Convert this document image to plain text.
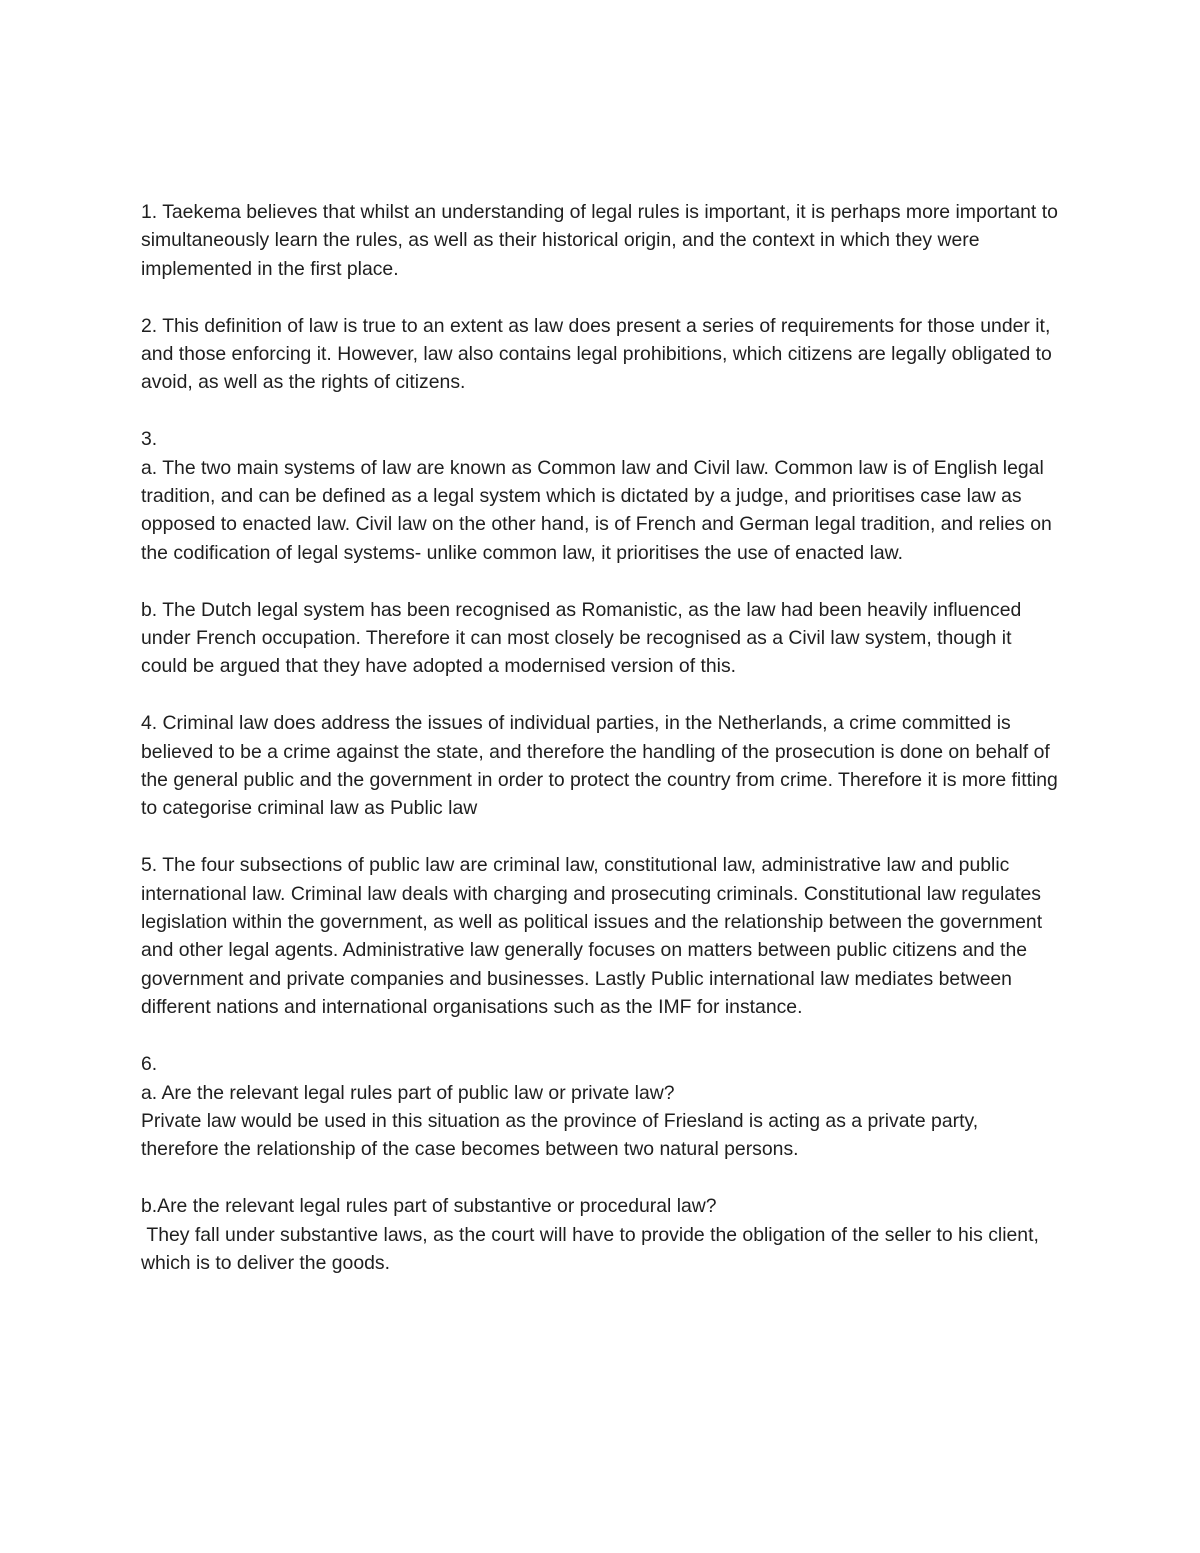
1. Taekema believes that whilst an understanding of legal rules is important, it is perhaps more important to simultaneously learn the rules, as well as their historical origin, and the context in which they were implemented in the first place.

2. This definition of law is true to an extent as law does present a series of requirements for those under it, and those enforcing it. However, law also contains legal prohibitions, which citizens are legally obligated to avoid, as well as the rights of citizens.

3.
a. The two main systems of law are known as Common law and Civil law. Common law is of English legal tradition, and can be defined as a legal system which is dictated by a judge, and prioritises case law as opposed to enacted law. Civil law on the other hand, is of French and German legal tradition, and relies on the codification of legal systems- unlike common law, it prioritises the use of enacted law.

b. The Dutch legal system has been recognised as Romanistic, as the law had been heavily influenced under French occupation. Therefore it can most closely be recognised as a Civil law system, though it could be argued that they have adopted a modernised version of this.

4. Criminal law does address the issues of individual parties, in the Netherlands, a crime committed is believed to be a crime against the state, and therefore the handling of the prosecution is done on behalf of the general public and the government in order to protect the country from crime. Therefore it is more fitting to categorise criminal law as Public law

5. The four subsections of public law are criminal law, constitutional law, administrative law and public international law. Criminal law deals with charging and prosecuting criminals. Constitutional law regulates legislation within the government, as well as political issues and the relationship between the government and other legal agents. Administrative law generally focuses on matters between public citizens and the government and private companies and businesses. Lastly Public international law mediates between different nations and international organisations such as the IMF for instance.

6.
a. Are the relevant legal rules part of public law or private law?
Private law would be used in this situation as the province of Friesland is acting as a private party, therefore the relationship of the case becomes between two natural persons.
b.Are the relevant legal rules part of substantive or procedural law?
They fall under substantive laws, as the court will have to provide the obligation of the seller to his client, which is to deliver the goods.
